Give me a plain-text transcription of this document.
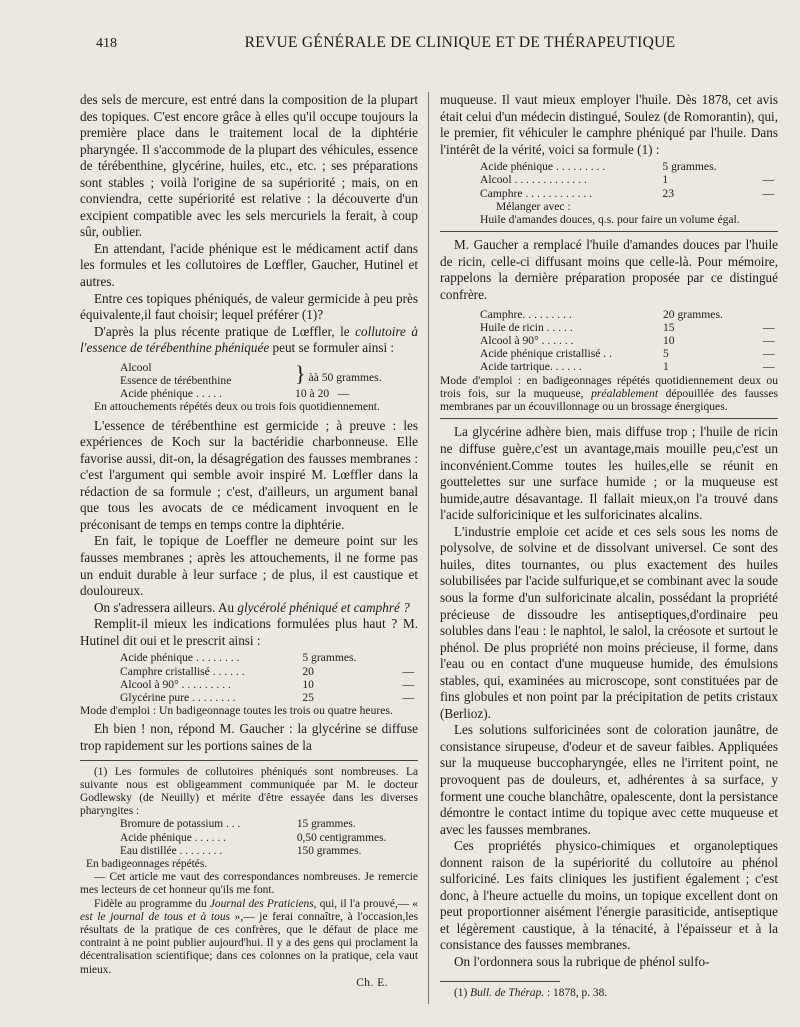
418	REVUE GÉNÉRALE DE CLINIQUE ET DE THÉRAPEUTIQUE

des sels de mercure, est entré dans la composition de la plupart des topiques. C'est encore grâce à elles qu'il occupe toujours la première place dans le traitement local de la diphtérie pharyngée. Il s'accommode de la plupart des véhicules, essence de térébenthine, glycérine, huiles, etc., etc. ; ses préparations sont stables ; voilà l'origine de sa supériorité ; mais, on en conviendra, cette supériorité est relative : la découverte d'un excipient compatible avec les sels mercuriels la ferait, à coup sûr, oublier.

En attendant, l'acide phénique est le médicament actif dans les formules et les collutoires de Lœffler, Gaucher, Hutinel et autres.

Entre ces topiques phéniqués, de valeur germicide à peu près équivalente,il faut choisir; lequel préférer (1)?

D'après la plus récente pratique de Lœffler, le collutoire à l'essence de térébenthine phéniquée peut se formuler ainsi :

Alcool
Essence de térébenthine	} àà 50 grammes.
Acide phénique . . . . .	10 à 20 —

En attouchements répétés deux ou trois fois quotidiennement.

L'essence de térébenthine est germicide ; à preuve : les expériences de Koch sur la bactéridie charbonneuse. Elle favorise aussi, dit-on, la désagrégation des fausses membranes : c'est l'argument qui semble avoir inspiré M. Lœffler dans la rédaction de sa formule ; c'est, d'ailleurs, un argument banal que tous les avocats de ce médicament invoquent en le préconisant de temps en temps contre la diphtérie.

En fait, le topique de Loeffler ne demeure point sur les fausses membranes ; après les attouchements, il ne forme pas un enduit durable à leur surface ; de plus, il est caustique et douloureux.

On s'adressera ailleurs. Au glycérolé phéniqué et camphré ?

Remplit-il mieux les indications formulées plus haut ? M. Hutinel dit oui et le prescrit ainsi :

Acide phénique . . . . . . . .	5 grammes.	
Camphre cristallisé . . . . . .	20	—
Alcool à 90° . . . . . . . . .	10	—
Glycérine pure . . . . . . . .	25	—

Mode d'emploi : Un badigeonnage toutes les trois ou quatre heures.

Eh bien ! non, répond M. Gaucher : la glycérine se diffuse trop rapidement sur les portions saines de la

(1) Les formules de collutoires phéniqués sont nombreuses. La suivante nous est obligeamment communiquée par M. le docteur Godlewsky (de Neuilly) et mérite d'être essayée dans les diverses pharyngites :

Bromure de potassium . . .	15 grammes.
Acide phénique . . . . . .	0,50 centigrammes.
Eau distillée . . . . . . . .	150 grammes.

En badigeonnages répétés.

— Cet article me vaut des correspondances nombreuses. Je remercie mes lecteurs de cet honneur qu'ils me font.

Fidèle au programme du Journal des Praticiens, qui, il l'a prouvé,— « est le journal de tous et à tous »,— je ferai connaître, à l'occasion,les résultats de la pratique de ces confrères, que le défaut de place me contraint à ne point publier aujourd'hui. Il y a des gens qui proclament la décentralisation scientifique; dans ces colonnes on la pratique, cela vaut mieux.

Ch. E.

muqueuse. Il vaut mieux employer l'huile. Dès 1878, cet avis était celui d'un médecin distingué, Soulez (de Romorantin), qui, le premier, fit véhiculer le camphre phéniqué par l'huile. Dans l'intérêt de la vérité, voici sa formule (1) :

Acide phénique . . . . . . . . .	5 grammes.	
Alcool . . . . . . . . . . . . .	1	—
Camphre . . . . . . . . . . . .	23	—
Mélanger avec :
Huile d'amandes douces, q.s. pour faire un volume égal.

M. Gaucher a remplacé l'huile d'amandes douces par l'huile de ricin, celle-ci diffusant moins que celle-là. Pour mémoire, rappelons la dernière préparation proposée par ce distingué confrère.

Camphre. . . . . . . . .	20 grammes.	
Huile de ricin . . . . .	15	—
Alcool à 90° . . . . . .	10	—
Acide phénique cristallisé . .	5	—
Acide tartrique. . . . . .	1	—

Mode d'emploi : en badigeonnages répétés quotidiennement deux ou trois fois, sur la muqueuse, préalablement dépouillée des fausses membranes par un écouvillonnage ou un brossage énergiques.

La glycérine adhère bien, mais diffuse trop ; l'huile de ricin ne diffuse guère,c'est un avantage,mais mouille peu,c'est un inconvénient.Comme toutes les huiles,elle se réunit en gouttelettes sur une surface humide ; or la muqueuse est humide,autre désavantage. Il fallait mieux,on l'a trouvé dans l'acide sulforicinique et les sulforicinates alcalins.

L'industrie emploie cet acide et ces sels sous les noms de polysolve, de solvine et de dissolvant universel. Ce sont des huiles, dites tournantes, ou plus exactement des huiles solubilisées par l'acide sulfurique,et se combinant avec la soude sous la forme d'un sulforicinate alcalin, possédant la propriété précieuse de dissoudre les antiseptiques,d'ordinaire peu solubles dans l'eau : le naphtol, le salol, la créosote et surtout le phénol. De plus propriété non moins précieuse, il forme, dans l'eau ou en contact d'une muqueuse humide, des émulsions stables, qui, examinées au microscope, sont constituées par de fins globules et non point par la précipitation de petits cristaux (Berlioz).

Les solutions sulforicinées sont de coloration jaunâtre, de consistance sirupeuse, d'odeur et de saveur faibles. Appliquées sur la muqueuse buccopharyngée, elles ne l'irritent point, ne provoquent pas de douleurs, et, adhérentes à sa surface, y forment une couche blanchâtre, opalescente, dont la persistance démontre le contact intime du topique avec cette muqueuse et avec les fausses membranes.

Ces propriétés physico-chimiques et organoleptiques donnent raison de la supériorité du collutoire au phénol sulforiciné. Les faits cliniques les justifient également ; c'est donc, à l'heure actuelle du moins, un topique excellent dont on peut proportionner aisément l'énergie parasiticide, antiseptique et légèrement caustique, à la ténacité, à l'épaisseur et à la consistance des fausses membranes.

On l'ordonnera sous la rubrique de phénol sulfo-

(1) Bull. de Thérap. : 1878, p. 38.
